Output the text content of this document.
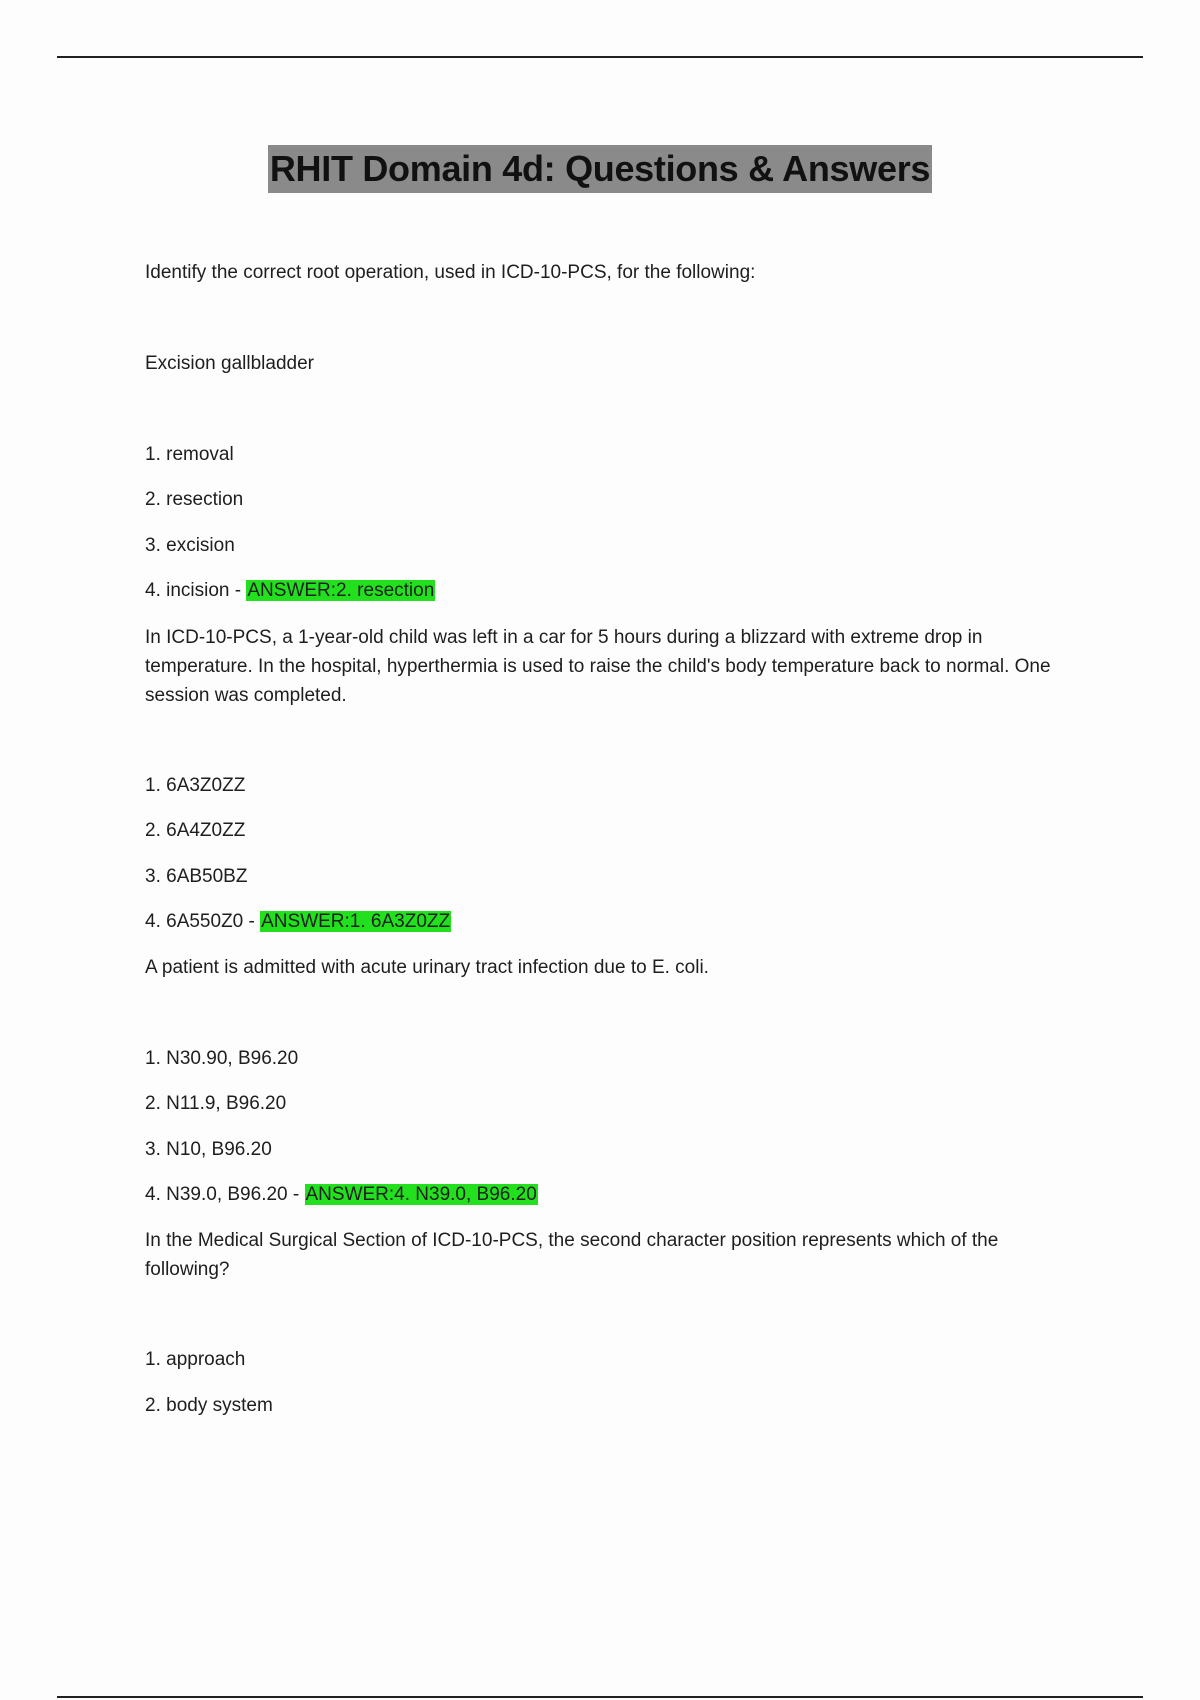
RHIT Domain 4d: Questions & Answers
Identify the correct root operation, used in ICD-10-PCS, for the following:
Excision gallbladder
1. removal
2. resection
3. excision
4. incision - ANSWER:2. resection
In ICD-10-PCS, a 1-year-old child was left in a car for 5 hours during a blizzard with extreme drop in temperature. In the hospital, hyperthermia is used to raise the child's body temperature back to normal. One session was completed.
1. 6A3Z0ZZ
2. 6A4Z0ZZ
3. 6AB50BZ
4. 6A550Z0 - ANSWER:1. 6A3Z0ZZ
A patient is admitted with acute urinary tract infection due to E. coli.
1. N30.90, B96.20
2. N11.9, B96.20
3. N10, B96.20
4. N39.0, B96.20 - ANSWER:4. N39.0, B96.20
In the Medical Surgical Section of ICD-10-PCS, the second character position represents which of the following?
1. approach
2. body system
